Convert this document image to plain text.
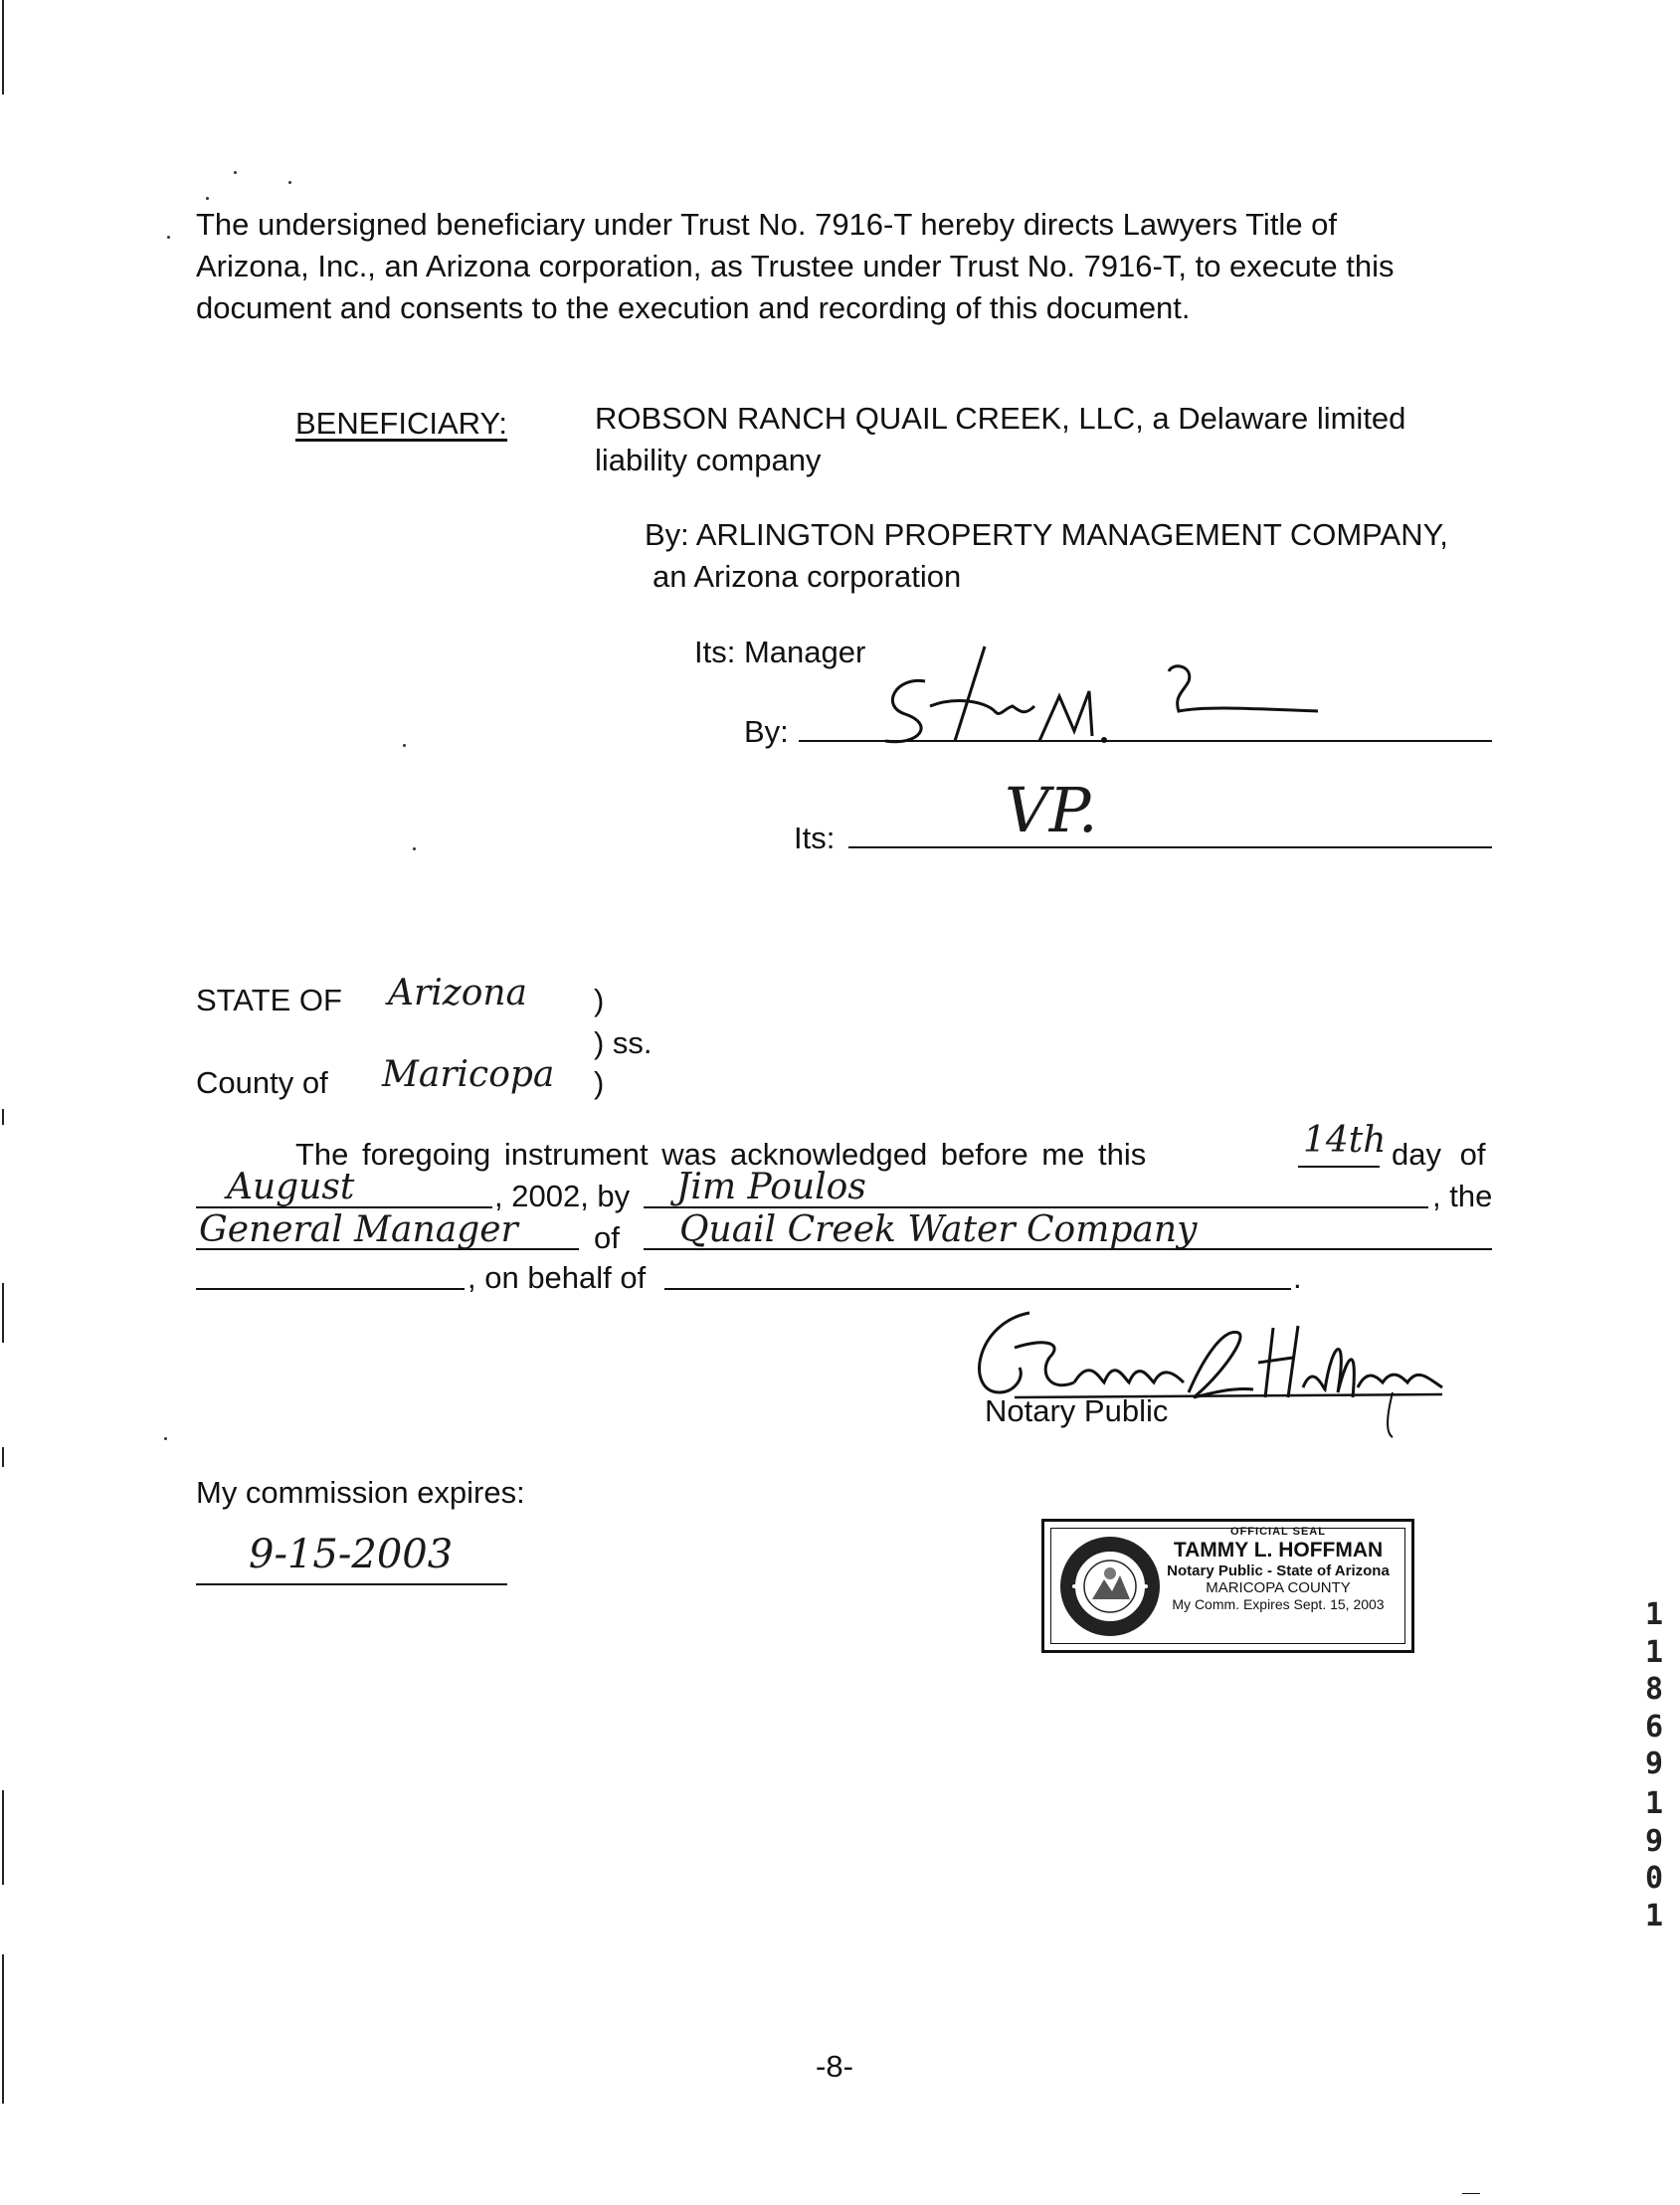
The undersigned beneficiary under Trust No. 7916-T hereby directs Lawyers Title of
Arizona, Inc., an Arizona corporation, as Trustee under Trust No. 7916-T, to execute this
document and consents to the execution and recording of this document.
BENEFICIARY:	ROBSON RANCH QUAIL CREEK, LLC, a Delaware limited
liability company
By: ARLINGTON PROPERTY MANAGEMENT COMPANY,
an Arizona corporation
Its: Manager
By:
Its:	VP.
STATE OF Arizona )
) ss.
County of Maricopa )
The foregoing instrument was acknowledged before me this	14th day of
August	, 2002, by Jim Poulos	, the
General Manager of Quail Creek Water Company
, on behalf of	.
Notary Public
My commission expires:
9-15-2003	OFFICIAL SEAL
TAMMY L. HOFFMAN
Notary Public - State of Arizona
MARICOPA COUNTY
My Comm. Expires Sept. 15, 2003	1
1
8
6
9
1
9
0
1
-8-
